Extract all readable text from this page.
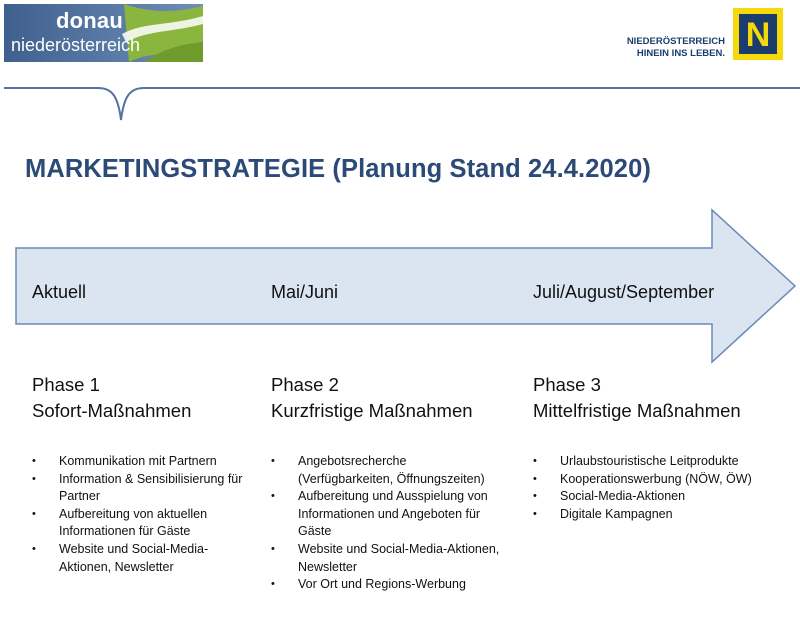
donau
niederösterreich	NIEDERÖSTERREICH
HINEIN INS LEBEN. N
MARKETINGSTRATEGIE (Planung Stand 24.4.2020)
Aktuell	Mai/Juni	Juli/August/September
Phase 1
Sofort-Maßnahmen
Phase 2
Kurzfristige Maßnahmen
Phase 3
Mittelfristige Maßnahmen
• Kommunikation mit Partnern
• Information & Sensibilisierung für Partner
• Aufbereitung von aktuellen Informationen für Gäste
• Website und Social-Media-Aktionen, Newsletter
• Angebotsrecherche (Verfügbarkeiten, Öffnungszeiten)
• Aufbereitung und Ausspielung von Informationen und Angeboten für Gäste
• Website und Social-Media-Aktionen, Newsletter
• Vor Ort und Regions-Werbung
• Urlaubstouristische Leitprodukte
• Kooperationswerbung (NÖW, ÖW)
• Social-Media-Aktionen
• Digitale Kampagnen
